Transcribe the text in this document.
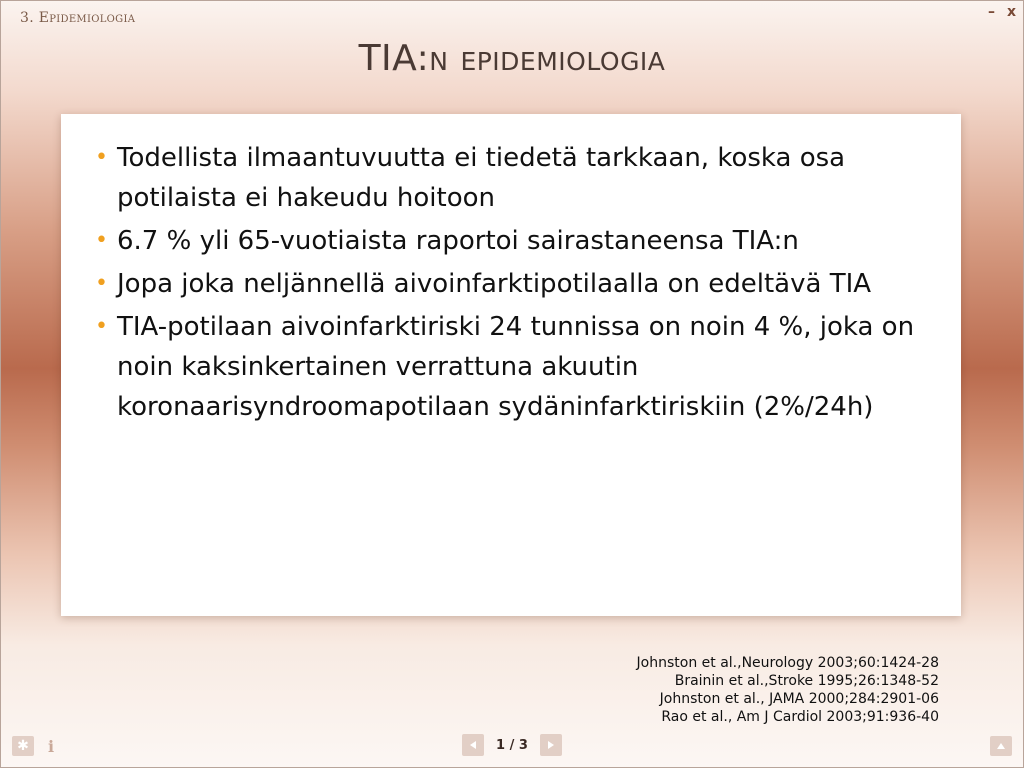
3. Epidemiologia	– x
TIA:n epidemiologia
• Todellista ilmaantuvuutta ei tiedetä tarkkaan, koska osa potilaista ei hakeudu hoitoon
• 6.7 % yli 65-vuotiaista raportoi sairastaneensa TIA:n
• Jopa joka neljännellä aivoinfarktipotilaalla on edeltävä TIA
• TIA-potilaan aivoinfarktiriski 24 tunnissa on noin 4 %, joka on noin kaksinkertainen verrattuna akuutin koronaarisyndroomapotilaan sydäninfarktiriskiin (2%/24h)
Johnston et al.,Neurology 2003;60:1424-28
Brainin et al.,Stroke 1995;26:1348-52
Johnston et al., JAMA 2000;284:2901-06
Rao et al., Am J Cardiol 2003;91:936-40
✱	i	1 / 3
